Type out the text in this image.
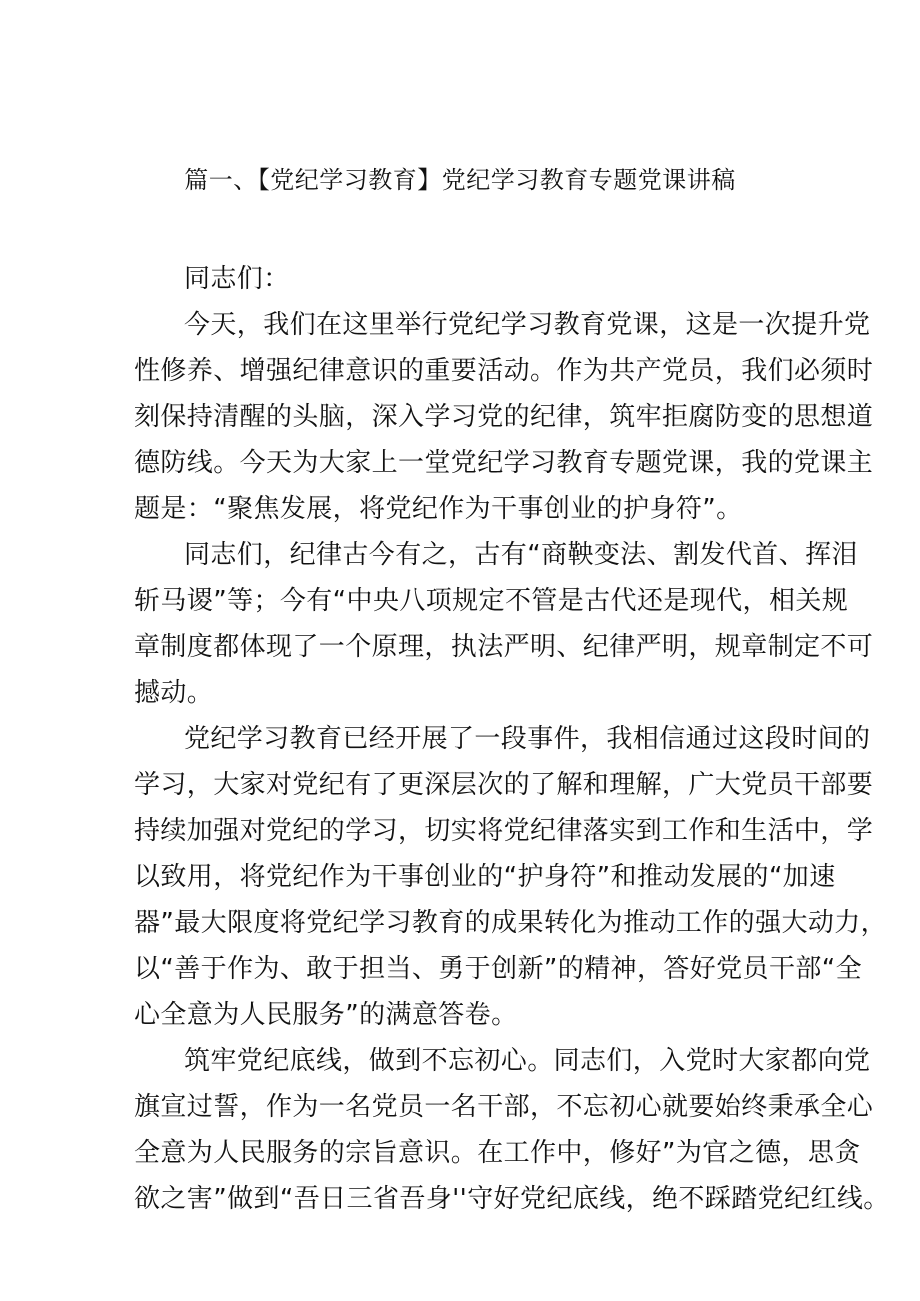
篇一、【党纪学习教育】党纪学习教育专题党课讲稿
同志们：
今天，我们在这里举行党纪学习教育党课，这是一次提升党
性修养、增强纪律意识的重要活动。作为共产党员，我们必须时
刻保持清醒的头脑，深入学习党的纪律，筑牢拒腐防变的思想道
德防线。今天为大家上一堂党纪学习教育专题党课，我的党课主
题是：“聚焦发展，将党纪作为干事创业的护身符”。
同志们，纪律古今有之，古有“商鞅变法、割发代首、挥泪
斩马谡”等；今有“中央八项规定不管是古代还是现代，相关规
章制度都体现了一个原理，执法严明、纪律严明，规章制定不可
撼动。
党纪学习教育已经开展了一段事件，我相信通过这段时间的
学习，大家对党纪有了更深层次的了解和理解，广大党员干部要
持续加强对党纪的学习，切实将党纪律落实到工作和生活中，学
以致用，将党纪作为干事创业的“护身符”和推动发展的“加速
器”最大限度将党纪学习教育的成果转化为推动工作的强大动力，
以“善于作为、敢于担当、勇于创新”的精神，答好党员干部“全
心全意为人民服务”的满意答卷。
筑牢党纪底线，做到不忘初心。同志们，入党时大家都向党
旗宣过誓，作为一名党员一名干部，不忘初心就要始终秉承全心
全意为人民服务的宗旨意识。在工作中，修好”为官之德，思贪
欲之害”做到“吾日三省吾身''守好党纪底线，绝不踩踏党纪红线。
